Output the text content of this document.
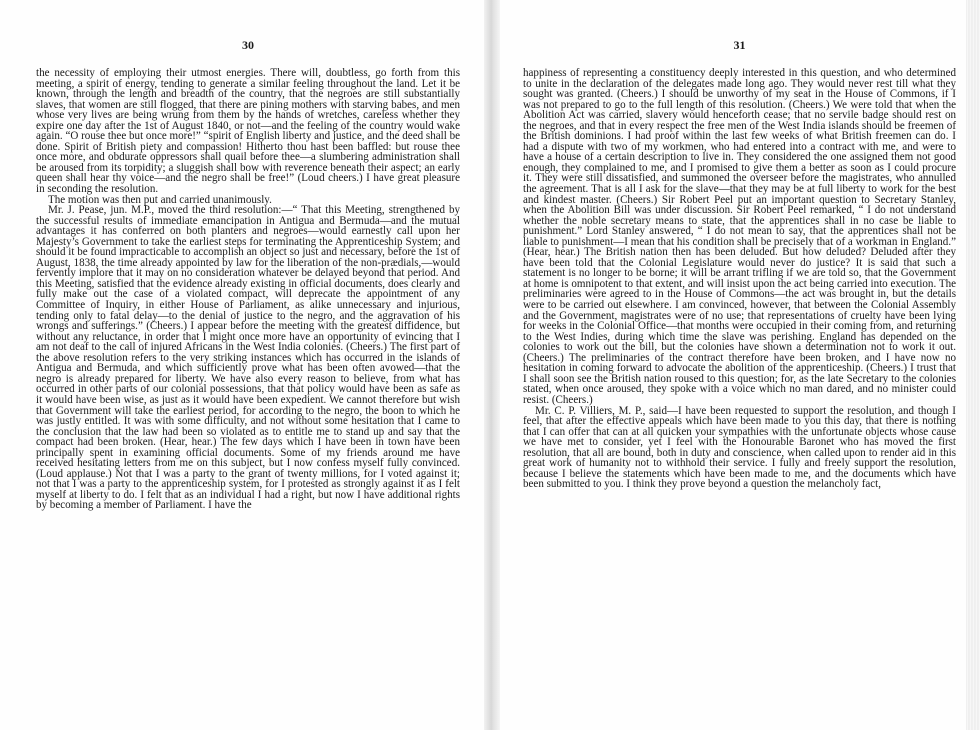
30

the necessity of employing their utmost energies. There will, doubtless, go forth from this meeting, a spirit of energy, tending to generate a similar feeling throughout the land. Let it be known, through the length and breadth of the country, that the negroes are still substantially slaves, that women are still flogged, that there are pining mothers with starving babes, and men whose very lives are being wrung from them by the hands of wretches, careless whether they expire one day after the 1st of August 1840, or not—and the feeling of the country would wake again. “O rouse thee but once more!” “spirit of English liberty and justice, and the deed shall be done. Spirit of British piety and compassion! Hitherto thou hast been baffled: but rouse thee once more, and obdurate oppressors shall quail before thee—a slumbering administration shall be aroused from its torpidity; a sluggish shall bow with reverence beneath their aspect; an early queen shall hear thy voice—and the negro shall be free!” (Loud cheers.) I have great pleasure in seconding the resolution.

The motion was then put and carried unanimously.

Mr. J. Pease, jun. M.P., moved the third resolution:—“ That this Meeting, strengthened by the successful results of immediate emancipation in Antigua and Bermuda—and the mutual advantages it has conferred on both planters and negroes—would earnestly call upon her Majesty’s Government to take the earliest steps for terminating the Apprenticeship System; and should it be found impracticable to accomplish an object so just and necessary, before the 1st of August, 1838, the time already appointed by law for the liberation of the non-prædials,—would fervently implore that it may on no consideration whatever be delayed beyond that period. And this Meeting, satisfied that the evidence already existing in official documents, does clearly and fully make out the case of a violated compact, will deprecate the appointment of any Committee of Inquiry, in either House of Parliament, as alike unnecessary and injurious, tending only to fatal delay—to the denial of justice to the negro, and the aggravation of his wrongs and sufferings.” (Cheers.) I appear before the meeting with the greatest diffidence, but without any reluctance, in order that I might once more have an opportunity of evincing that I am not deaf to the call of injured Africans in the West India colonies. (Cheers.) The first part of the above resolution refers to the very striking instances which has occurred in the islands of Antigua and Bermuda, and which sufficiently prove what has been often avowed—that the negro is already prepared for liberty. We have also every reason to believe, from what has occurred in other parts of our colonial possessions, that that policy would have been as safe as it would have been wise, as just as it would have been expedient. We cannot therefore but wish that Government will take the earliest period, for according to the negro, the boon to which he was justly entitled. It was with some difficulty, and not without some hesitation that I came to the conclusion that the law had been so violated as to entitle me to stand up and say that the compact had been broken. (Hear, hear.) The few days which I have been in town have been principally spent in examining official documents. Some of my friends around me have received hesitating letters from me on this subject, but I now confess myself fully convinced. (Loud applause.) Not that I was a party to the grant of twenty millions, for I voted against it; not that I was a party to the apprenticeship system, for I protested as strongly against it as I felt myself at liberty to do. I felt that as an individual I had a right, but now I have additional rights by becoming a member of Parliament. I have the

31

happiness of representing a constituency deeply interested in this question, and who determined to unite in the declaration of the delegates made long ago. They would never rest till what they sought was granted. (Cheers.) I should be unworthy of my seat in the House of Commons, if I was not prepared to go to the full length of this resolution. (Cheers.) We were told that when the Abolition Act was carried, slavery would henceforth cease; that no servile badge should rest on the negroes, and that in every respect the free men of the West India islands should be freemen of the British dominions. I had proof within the last few weeks of what British freemen can do. I had a dispute with two of my workmen, who had entered into a contract with me, and were to have a house of a certain description to live in. They considered the one assigned them not good enough, they complained to me, and I promised to give them a better as soon as I could procure it. They were still dissatisfied, and summoned the overseer before the magistrates, who annulled the agreement. That is all I ask for the slave—that they may be at full liberty to work for the best and kindest master. (Cheers.) Sir Robert Peel put an important question to Secretary Stanley, when the Abolition Bill was under discussion. Sir Robert Peel remarked, “ I do not understand whether the noble secretary means to state, that the apprentices shall in no case be liable to punishment.” Lord Stanley answered, “ I do not mean to say, that the apprentices shall not be liable to punishment—I mean that his condition shall be precisely that of a workman in England.” (Hear, hear.) The British nation then has been deluded. But how deluded? Deluded after they have been told that the Colonial Legislature would never do justice? It is said that such a statement is no longer to be borne; it will be arrant trifling if we are told so, that the Government at home is omnipotent to that extent, and will insist upon the act being carried into execution. The preliminaries were agreed to in the House of Commons—the act was brought in, but the details were to be carried out elsewhere. I am convinced, however, that between the Colonial Assembly and the Government, magistrates were of no use; that representations of cruelty have been lying for weeks in the Colonial Office—that months were occupied in their coming from, and returning to the West Indies, during which time the slave was perishing. England has depended on the colonies to work out the bill, but the colonies have shown a determination not to work it out. (Cheers.) The preliminaries of the contract therefore have been broken, and I have now no hesitation in coming forward to advocate the abolition of the apprenticeship. (Cheers.) I trust that I shall soon see the British nation roused to this question; for, as the late Secretary to the colonies stated, when once aroused, they spoke with a voice which no man dared, and no minister could resist. (Cheers.)

Mr. C. P. Villiers, M. P., said—I have been requested to support the resolution, and though I feel, that after the effective appeals which have been made to you this day, that there is nothing that I can offer that can at all quicken your sympathies with the unfortunate objects whose cause we have met to consider, yet I feel with the Honourable Baronet who has moved the first resolution, that all are bound, both in duty and conscience, when called upon to render aid in this great work of humanity not to withhold their service. I fully and freely support the resolution, because I believe the statements which have been made to me, and the documents which have been submitted to you. I think they prove beyond a question the melancholy fact,
